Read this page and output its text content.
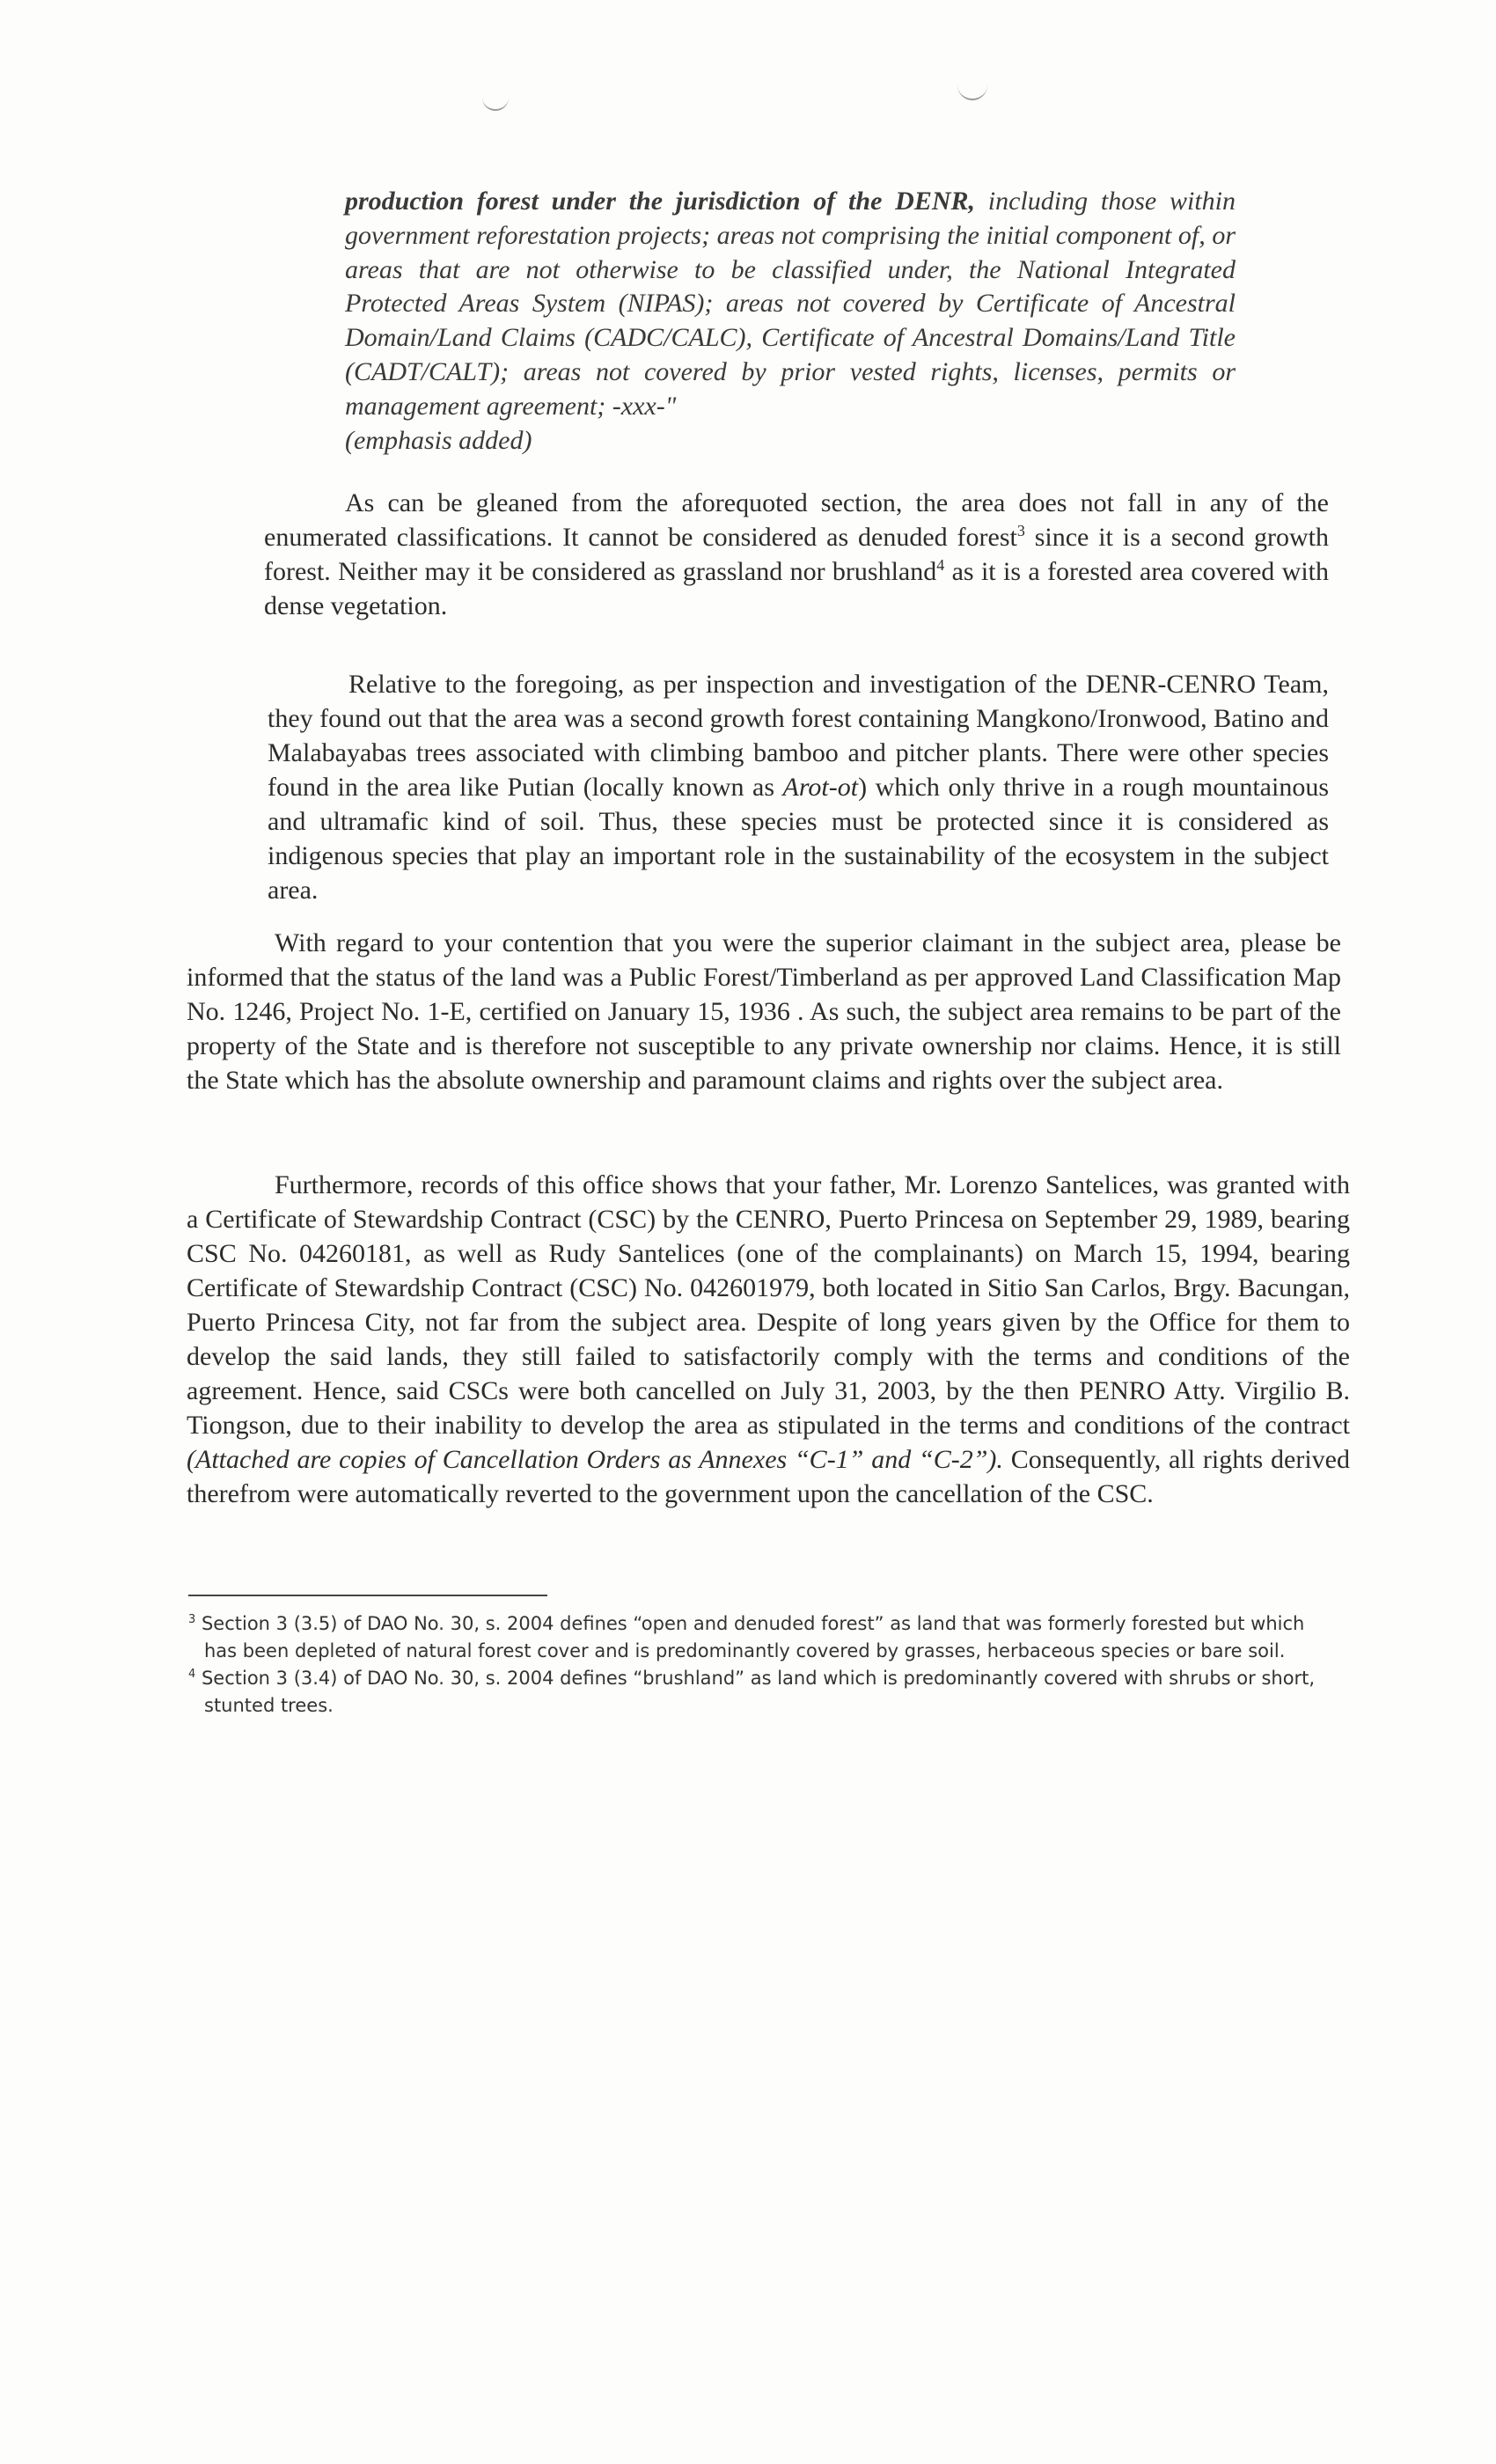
production forest under the jurisdiction of the DENR, including those within government reforestation projects; areas not comprising the initial component of, or areas that are not otherwise to be classified under, the National Integrated Protected Areas System (NIPAS); areas not covered by Certificate of Ancestral Domain/Land Claims (CADC/CALC), Certificate of Ancestral Domains/Land Title (CADT/CALT); areas not covered by prior vested rights, licenses, permits or management agreement; -xxx-"
(emphasis added)

As can be gleaned from the aforequoted section, the area does not fall in any of the enumerated classifications. It cannot be considered as denuded forest$^3$ since it is a second growth forest. Neither may it be considered as grassland nor brushland$^4$ as it is a forested area covered with dense vegetation.

Relative to the foregoing, as per inspection and investigation of the DENR-CENRO Team, they found out that the area was a second growth forest containing Mangkono/Ironwood, Batino and Malabayabas trees associated with climbing bamboo and pitcher plants. There were other species found in the area like Putian (locally known as Arot-ot) which only thrive in a rough mountainous and ultramafic kind of soil. Thus, these species must be protected since it is considered as indigenous species that play an important role in the sustainability of the ecosystem in the subject area.

With regard to your contention that you were the superior claimant in the subject area, please be informed that the status of the land was a Public Forest/Timberland as per approved Land Classification Map No. 1246, Project No. 1-E, certified on January 15, 1936 . As such, the subject area remains to be part of the property of the State and is therefore not susceptible to any private ownership nor claims. Hence, it is still the State which has the absolute ownership and paramount claims and rights over the subject area.

Furthermore, records of this office shows that your father, Mr. Lorenzo Santelices, was granted with a Certificate of Stewardship Contract (CSC) by the CENRO, Puerto Princesa on September 29, 1989, bearing CSC No. 04260181, as well as Rudy Santelices (one of the complainants) on March 15, 1994, bearing Certificate of Stewardship Contract (CSC) No. 042601979, both located in Sitio San Carlos, Brgy. Bacungan, Puerto Princesa City, not far from the subject area. Despite of long years given by the Office for them to develop the said lands, they still failed to satisfactorily comply with the terms and conditions of the agreement. Hence, said CSCs were both cancelled on July 31, 2003, by the then PENRO Atty. Virgilio B. Tiongson, due to their inability to develop the area as stipulated in the terms and conditions of the contract (Attached are copies of Cancellation Orders as Annexes “C-1” and “C-2”). Consequently, all rights derived therefrom were automatically reverted to the government upon the cancellation of the CSC.

$^3$ Section 3 (3.5) of DAO No. 30, s. 2004 defines “open and denuded forest” as land that was formerly forested but which has been depleted of natural forest cover and is predominantly covered by grasses, herbaceous species or bare soil.

$^4$ Section 3 (3.4) of DAO No. 30, s. 2004 defines “brushland” as land which is predominantly covered with shrubs or short, stunted trees.
